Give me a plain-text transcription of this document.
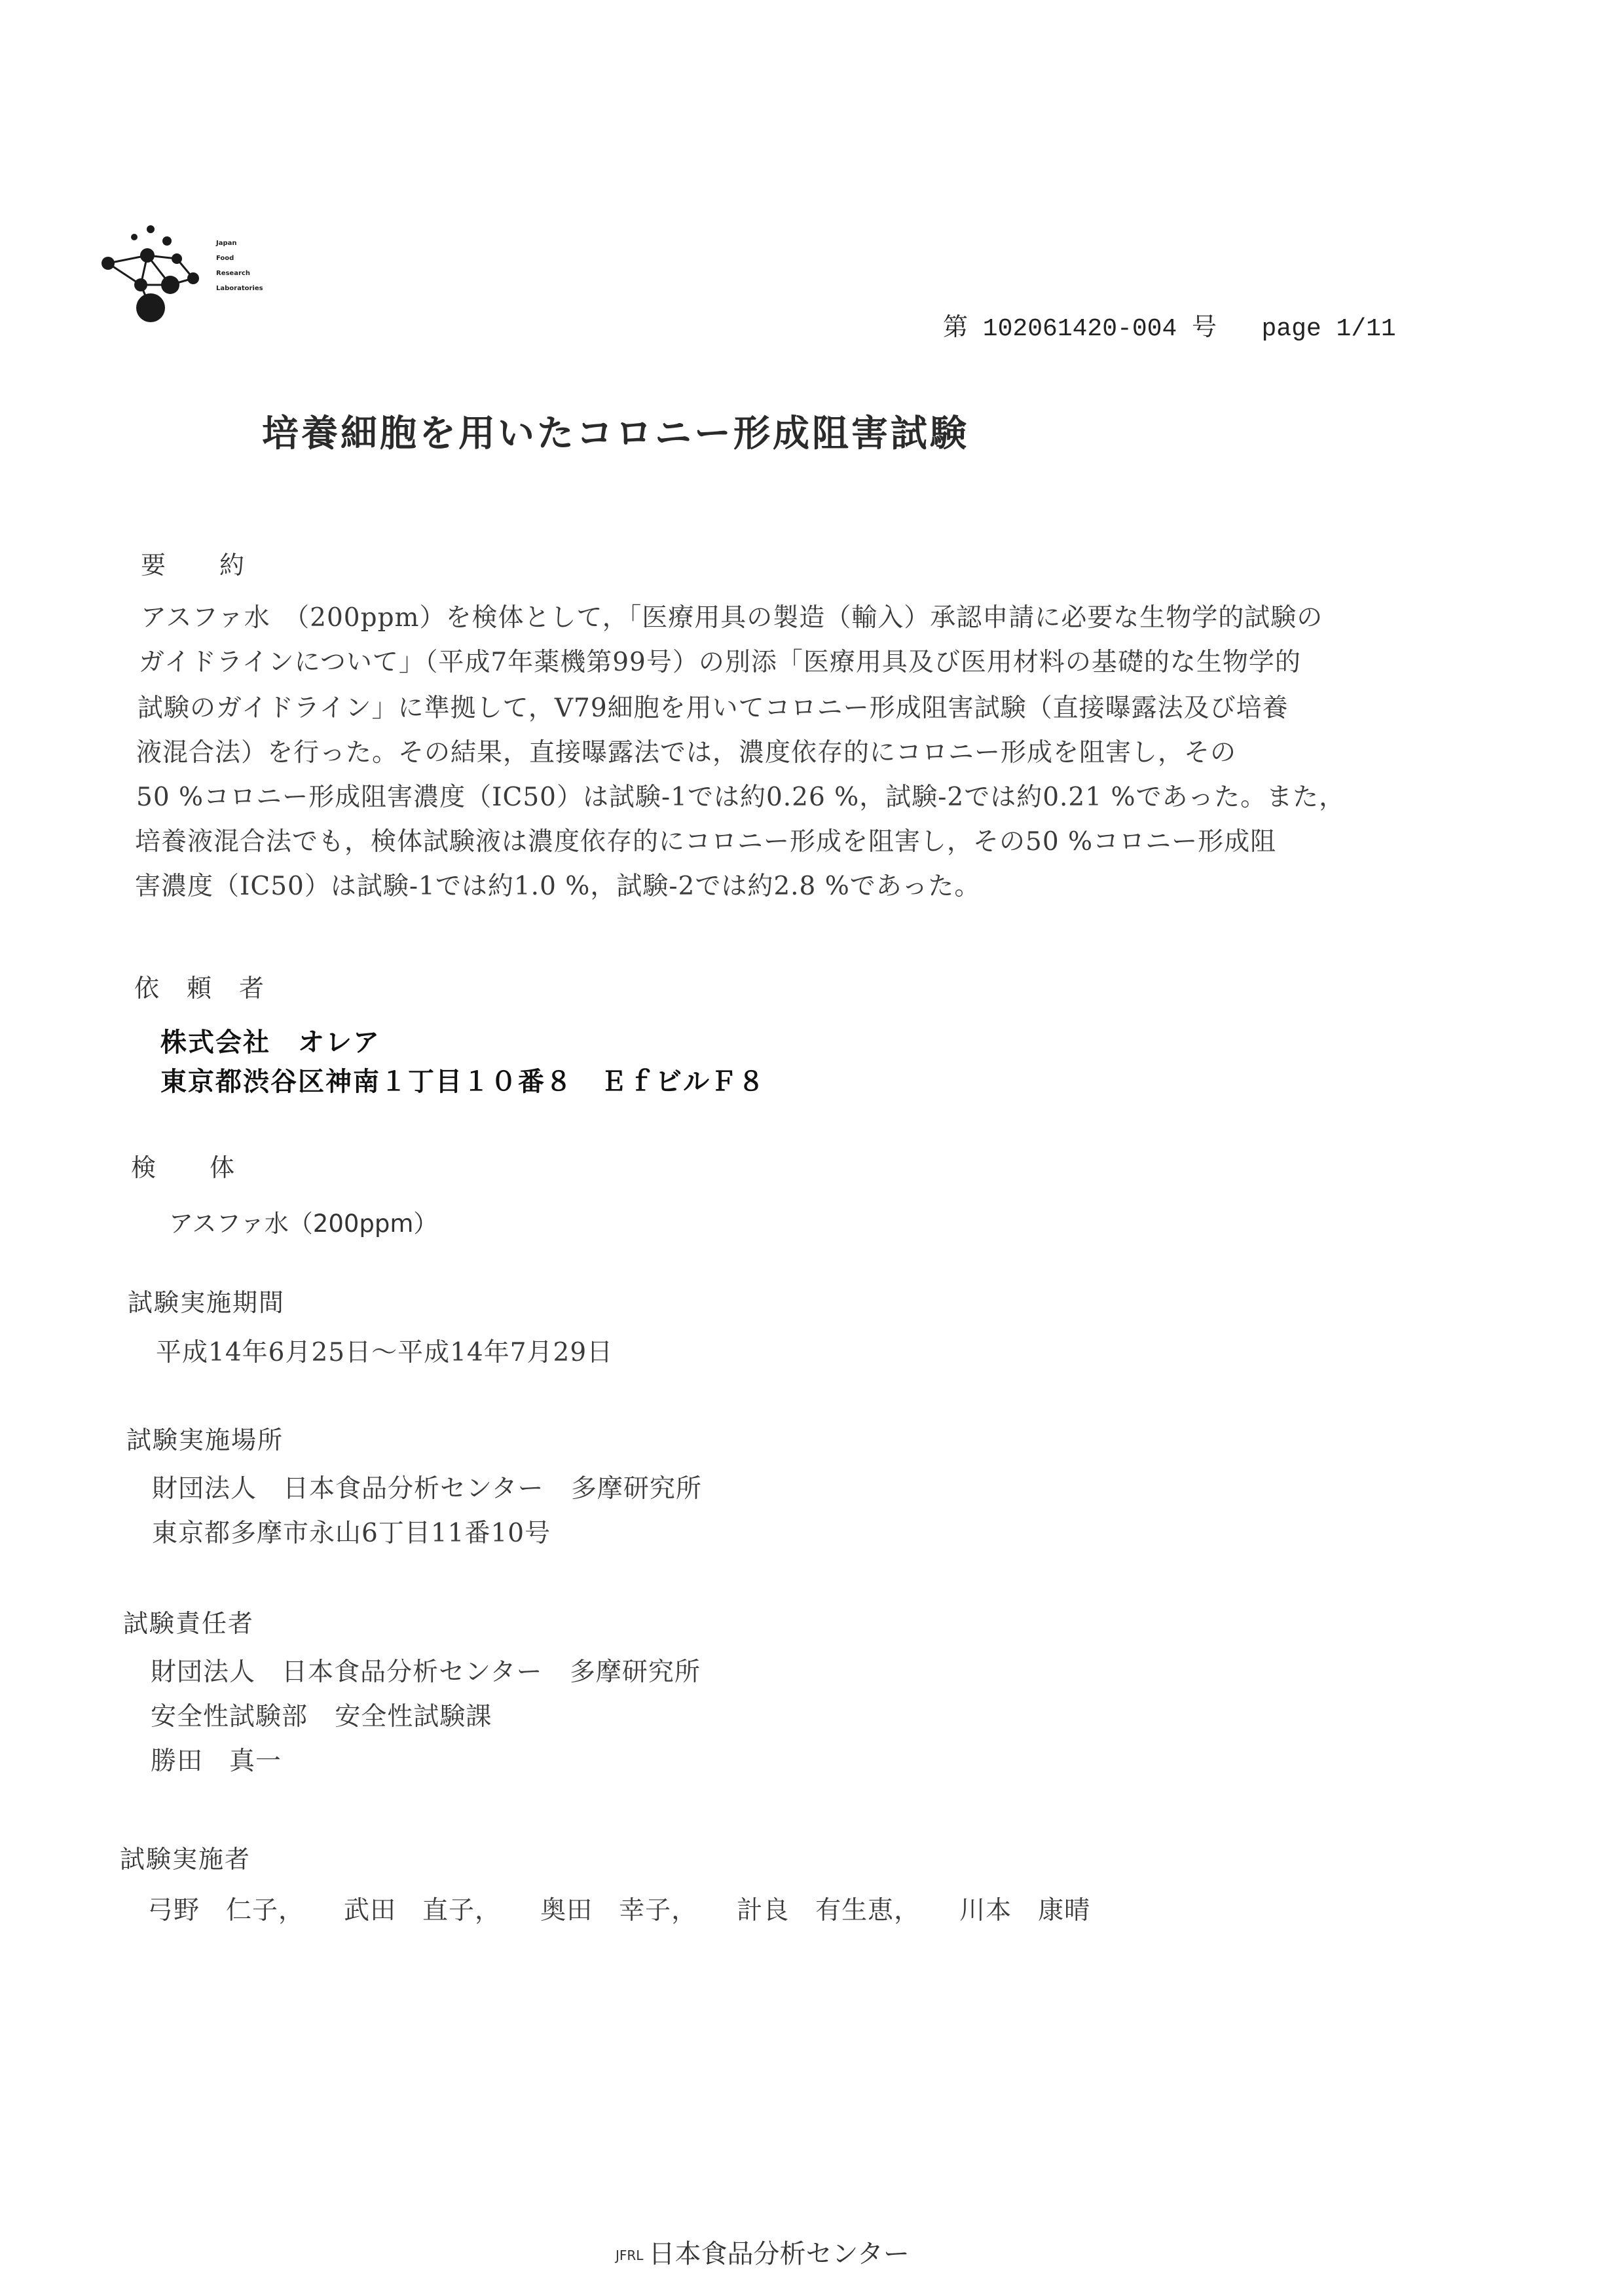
Japan
Food
Research
Laboratories
第 102061420-004 号 page 1/11
培養細胞を用いたコロニー形成阻害試験
要　　約
アスファ水　（200ppm）を検体として，「医療用具の製造（輸入）承認申請に必要な生物学的試験の
ガイドラインについて」（平成7年薬機第99号）の別添「医療用具及び医用材料の基礎的な生物学的
試験のガイドライン」に準拠して，V79細胞を用いてコロニー形成阻害試験（直接曝露法及び培養
液混合法）を行った。その結果，直接曝露法では，濃度依存的にコロニー形成を阻害し，その
50 %コロニー形成阻害濃度（IC50）は試験-1では約0.26 %，試験-2では約0.21 %であった。また，
培養液混合法でも，検体試験液は濃度依存的にコロニー形成を阻害し，その50 %コロニー形成阻
害濃度（IC50）は試験-1では約1.0 %，試験-2では約2.8 %であった。
依　頼　者
株式会社　オレア
東京都渋谷区神南１丁目１０番８　ＥｆビルＦ８
検　　体
アスファ水（200ppm）
試験実施期間
平成14年6月25日～平成14年7月29日
試験実施場所
財団法人　日本食品分析センター 多摩研究所
東京都多摩市永山6丁目11番10号
試験責任者
財団法人　日本食品分析センター 多摩研究所
安全性試験部 安全性試験課
勝田　真一
試験実施者
弓野　仁子， 武田　直子， 奥田　幸子， 計良　有生恵， 川本　康晴
JFRL 日本食品分析センター
